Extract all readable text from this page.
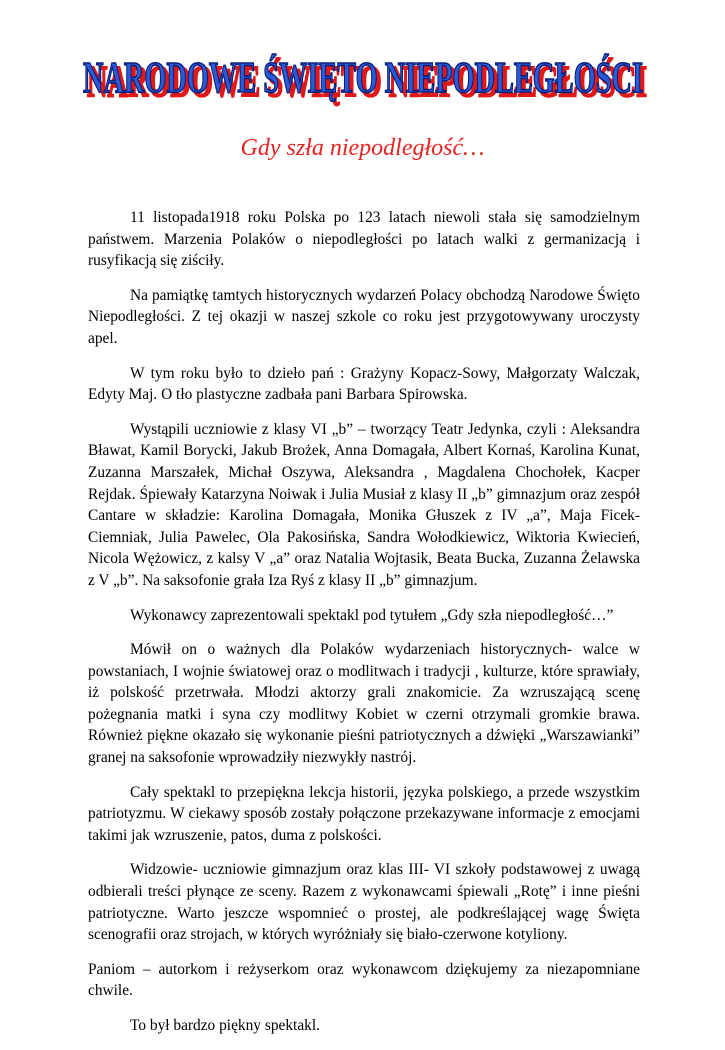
NARODOWE ŚWIĘTO NIEPODLEGŁOŚCI
NARODOWE ŚWIĘTO NIEPODLEGŁOŚCI
Gdy szła niepodległość…

11 listopada1918 roku Polska po 123 latach niewoli stała się samodzielnym państwem. Marzenia Polaków o niepodległości po latach walki z germanizacją i rusyfikacją się ziściły.

Na pamiątkę tamtych historycznych wydarzeń Polacy obchodzą Narodowe Święto Niepodległości. Z tej okazji w naszej szkole co roku jest przygotowywany uroczysty apel.

W tym roku było to dzieło pań : Grażyny Kopacz-Sowy, Małgorzaty Walczak, Edyty Maj. O tło plastyczne zadbała pani Barbara Spirowska.

Wystąpili uczniowie z klasy VI „b” – tworzący Teatr Jedynka, czyli : Aleksandra Bławat, Kamil Borycki, Jakub Brożek, Anna Domagała, Albert Kornaś, Karolina Kunat, Zuzanna Marszałek, Michał Oszywa, Aleksandra , Magdalena Chochołek, Kacper Rejdak. Śpiewały Katarzyna Noiwak i Julia Musiał z klasy II „b” gimnazjum oraz zespół Cantare w składzie: Karolina Domagała, Monika Głuszek z IV „a”, Maja Ficek-Ciemniak, Julia Pawelec, Ola Pakosińska, Sandra Wołodkiewicz, Wiktoria Kwiecień, Nicola Wężowicz, z kalsy V „a” oraz Natalia Wojtasik, Beata Bucka, Zuzanna Żelawska z V „b”. Na saksofonie grała Iza Ryś z klasy II „b” gimnazjum.

Wykonawcy zaprezentowali spektakl pod tytułem „Gdy szła niepodległość…”

Mówił on o ważnych dla Polaków wydarzeniach historycznych- walce w powstaniach, I wojnie światowej oraz o modlitwach i tradycji , kulturze, które sprawiały, iż polskość przetrwała. Młodzi aktorzy grali znakomicie. Za wzruszającą scenę pożegnania matki i syna czy modlitwy Kobiet w czerni otrzymali gromkie brawa. Również piękne okazało się wykonanie pieśni patriotycznych a dźwięki „Warszawianki” granej na saksofonie wprowadziły niezwykły nastrój.

Cały spektakl to przepiękna lekcja historii, języka polskiego, a przede wszystkim patriotyzmu. W ciekawy sposób zostały połączone przekazywane informacje z emocjami takimi jak wzruszenie, patos, duma z polskości.

Widzowie- uczniowie gimnazjum oraz klas III- VI szkoły podstawowej z uwagą odbierali treści płynące ze sceny. Razem z wykonawcami śpiewali „Rotę” i inne pieśni patriotyczne. Warto jeszcze wspomnieć o prostej, ale podkreślającej wagę Święta scenografii oraz strojach, w których wyróżniały się biało-czerwone kotyliony.

Paniom – autorkom i reżyserkom oraz wykonawcom dziękujemy za niezapomniane chwile.

To był bardzo piękny spektakl.
